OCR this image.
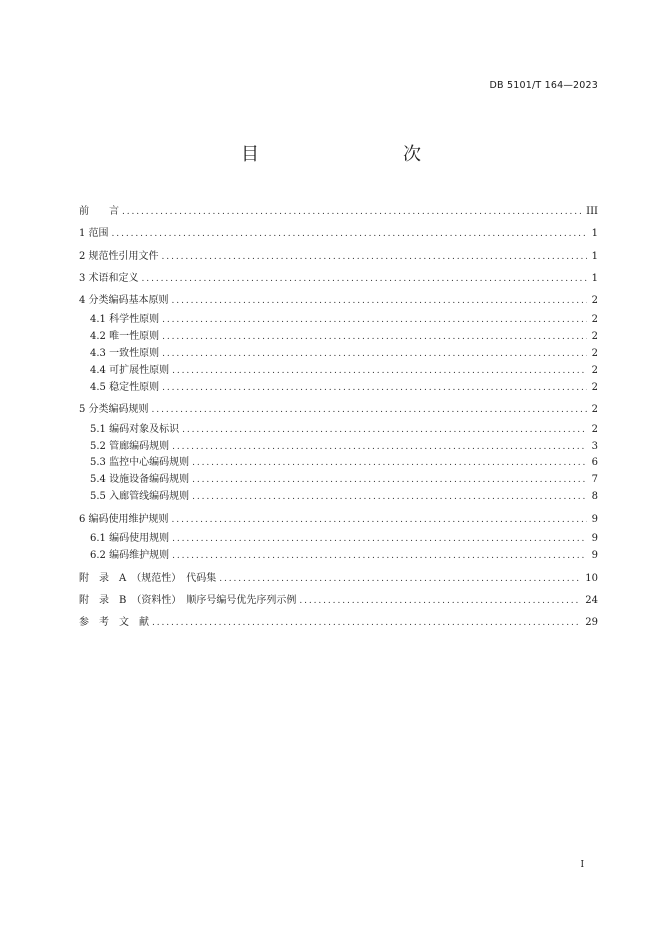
DB 5101/T 164—2023
目　　次
前　　言 .....	III
1 范围 .....	1
2 规范性引用文件 .....	1
3 术语和定义 .....	1
4 分类编码基本原则 .....	2
4.1 科学性原则 .....	2
4.2 唯一性原则 .....	2
4.3 一致性原则 .....	2
4.4 可扩展性原则 .....	2
4.5 稳定性原则 .....	2
5 分类编码规则 .....	2
5.1 编码对象及标识 .....	2
5.2 管廊编码规则 .....	3
5.3 监控中心编码规则 .....	6
5.4 设施设备编码规则 .....	7
5.5 入廊管线编码规则 .....	8
6 编码使用维护规则 .....	9
6.1 编码使用规则 .....	9
6.2 编码维护规则 .....	9
附　录　A　（规范性）　代码集 .....	10
附　录　B　（资料性）　顺序号编号优先序列示例 .....	24
参　考　文　献 .....	29
I
